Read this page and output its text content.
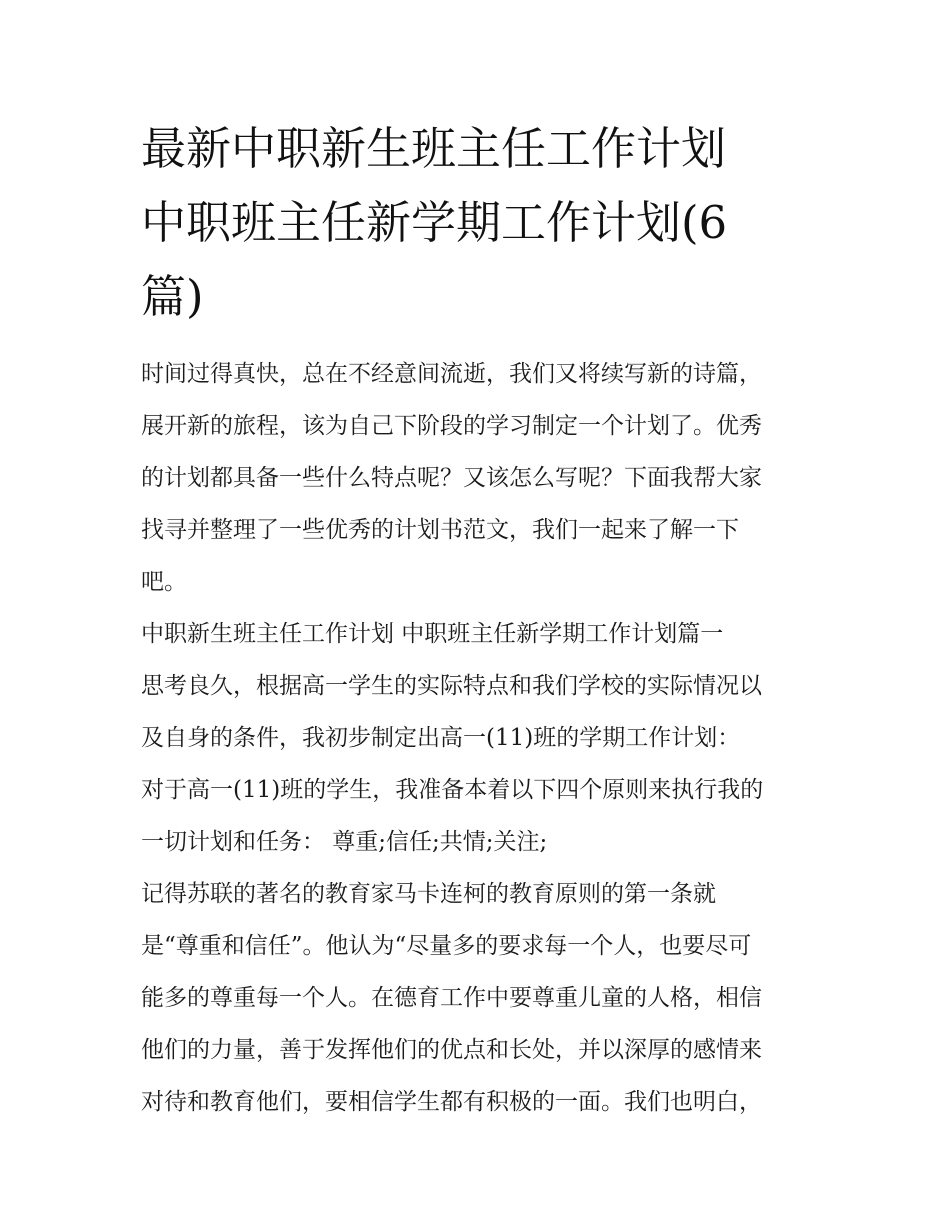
最新中职新生班主任工作计划
中职班主任新学期工作计划(6
篇)
时间过得真快，总在不经意间流逝，我们又将续写新的诗篇，
展开新的旅程，该为自己下阶段的学习制定一个计划了。优秀
的计划都具备一些什么特点呢？又该怎么写呢？下面我帮大家
找寻并整理了一些优秀的计划书范文，我们一起来了解一下
吧。
中职新生班主任工作计划 中职班主任新学期工作计划篇一
思考良久，根据高一学生的实际特点和我们学校的实际情况以
及自身的条件，我初步制定出高一(11)班的学期工作计划：
对于高一(11)班的学生，我准备本着以下四个原则来执行我的
一切计划和任务： 尊重;信任;共情;关注;
记得苏联的著名的教育家马卡连柯的教育原则的第一条就
是“尊重和信任”。他认为“尽量多的要求每一个人，也要尽可
能多的尊重每一个人。在德育工作中要尊重儿童的人格，相信
他们的力量，善于发挥他们的优点和长处，并以深厚的感情来
对待和教育他们，要相信学生都有积极的一面。我们也明白，
